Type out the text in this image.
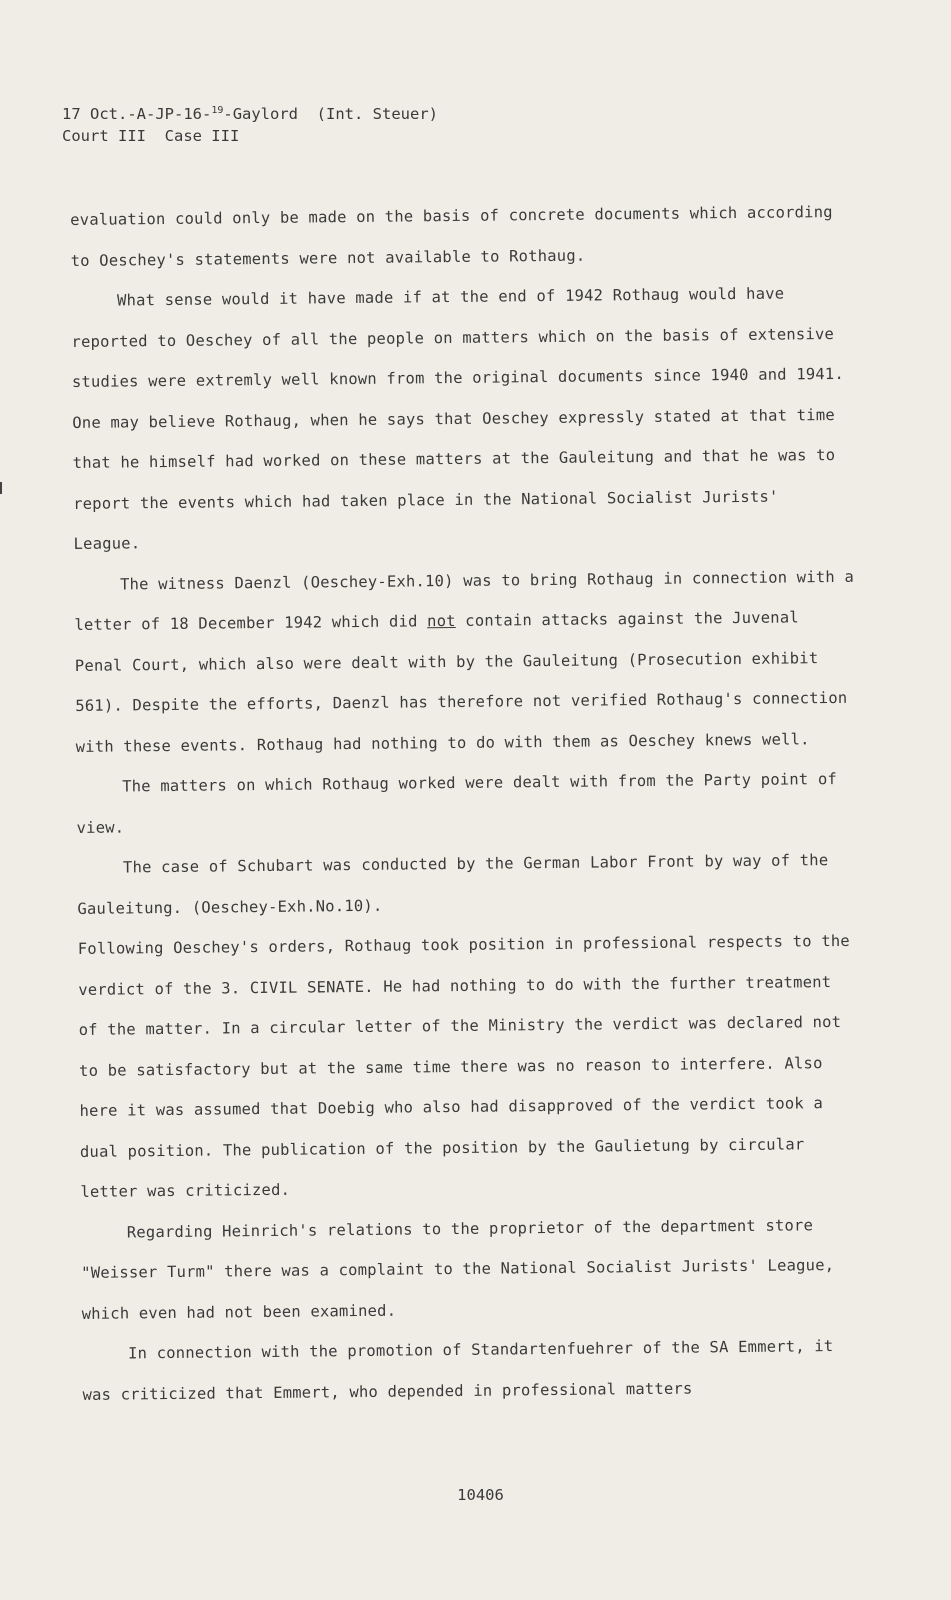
17 Oct.-A-JP-16-$^{19}$-Gaylord  (Int. Steuer)
Court III  Case III

evaluation could only be made on the basis of concrete documents which according to Oeschey's statements were not available to Rothaug.

What sense would it have made if at the end of 1942 Rothaug would have reported to Oeschey of all the people on matters which on the basis of extensive studies were extremly well known from the original documents since 1940 and 1941. One may believe Rothaug, when he says that Oeschey expressly stated at that time that he himself had worked on these matters at the Gauleitung and that he was to report the events which had taken place in the National Socialist Jurists' League.

The witness Daenzl (Oeschey-Exh.10) was to bring Rothaug in connection with a letter of 18 December 1942 which did not contain attacks against the Juvenal Penal Court, which also were dealt with by the Gauleitung (Prosecution exhibit 561). Despite the efforts, Daenzl has therefore not verified Rothaug's connection with these events. Rothaug had nothing to do with them as Oeschey knews well.

The matters on which Rothaug worked were dealt with from the Party point of view.

The case of Schubart was conducted by the German Labor Front by way of the Gauleitung. (Oeschey-Exh.No.10).

Following Oeschey's orders, Rothaug took position in professional respects to the verdict of the 3. CIVIL SENATE. He had nothing to do with the further treatment of the matter. In a circular letter of the Ministry the verdict was declared not to be satisfactory but at the same time there was no reason to interfere. Also here it was assumed that Doebig who also had disapproved of the verdict took a dual position. The publication of the position by the Gaulietung by circular letter was criticized.

Regarding Heinrich's relations to the proprietor of the department store "Weisser Turm" there was a complaint to the National Socialist Jurists' League, which even had not been examined.

In connection with the promotion of Standartenfuehrer of the SA Emmert, it was criticized that Emmert, who depended in professional matters

10406
